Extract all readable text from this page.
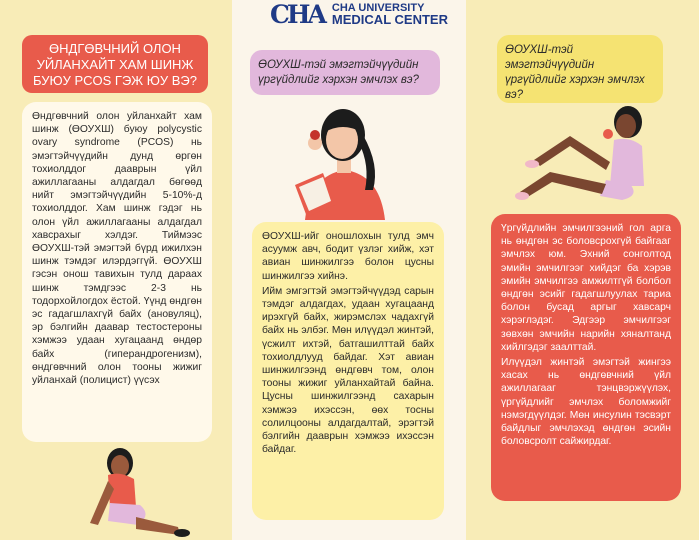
CHA CHA UNIVERSITY
MEDICAL CENTER
ӨНДГӨВЧНИЙ ОЛОН УЙЛАНХАЙТ ХАМ ШИНЖ БУЮУ PCOS ГЭЖ ЮУ ВЭ?

Өндгөвчний олон уйланхайт хам шинж (ӨОУХШ) буюу polycystic ovary syndrome (PCOS) нь эмэгтэйчүүдийн дунд өргөн тохиолддог дааврын үйл ажиллагааны алдагдал бөгөөд нийт эмэгтэйчүүдийн 5-10%-д тохиолддог. Хам шинж гэдэг нь олон үйл ажиллагааны алдагдал хавсрахыг хэлдэг. Тиймээс ӨОУХШ-тэй эмэгтэй бүрд ижилхэн шинж тэмдэг илэрдэггүй. ӨОУХШ гэсэн онош тавихын тулд дараах шинж тэмдгээс 2-3 нь тодорхойлогдох ёстой. Үүнд өндгөн эс гадагшлахгүй байх (ановуляц), эр бэлгийн даавар тестостероны хэмжээ удаан хугацаанд өндөр байх (гиперандрогенизм), өндгөвчний олон тооны жижиг уйланхай (полицист) үүсэх

ӨОУХШ-тэй эмэгтэйчүүдийн үргүйдлийг хэрхэн эмчлэх вэ?

ӨОУХШ-ийг оношлохын тулд эмч асуумж авч, бодит үзлэг хийж, хэт авиан шинжилгээ болон цусны шинжилгээ хийнэ.

Ийм эмгэгтэй эмэгтэйчүүдэд сарын тэмдэг алдагдах, удаан хугацаанд ирэхгүй байх, жирэмслэх чадахгүй байх нь элбэг. Мөн илүүдэл жинтэй, үсжилт ихтэй, батгашилттай байх тохиолдлууд байдаг. Хэт авиан шинжилгээнд өндгөвч том, олон тооны жижиг уйланхайтай байна. Цусны шинжилгээнд сахарын хэмжээ ихэссэн, өөх тосны солилцооны алдагдалтай, эрэгтэй бэлгийн дааврын хэмжээ ихэссэн байдаг.

ӨОУХШ-тэй эмэгтэйчүүдийн үргүйдлийг хэрхэн эмчлэх вэ?

Үргүйдлийн эмчилгээний гол арга нь өндгөн эс боловсрохгүй байгааг эмчлэх юм. Эхний сонголтод эмийн эмчилгээг хийдэг ба хэрэв эмийн эмчилгээ амжилтгүй болбол өндгөн эсийг гадагшлуулах тариа болон бусад аргыг хавсарч хэрэглэдэг. Эдгээр эмчилгээг зөвхөн эмчийн нарийн хяналтанд хийлгэдэг заалттай.

Илүүдэл жинтэй эмэгтэй жингээ хасах нь өндгөвчний үйл ажиллагааг тэнцвэржүүлэх, үргүйдлийг эмчлэх боломжийг нэмэгдүүлдэг. Мөн инсулин тэсвэрт байдлыг эмчлэхэд өндгөн эсийн боловсролт сайжирдаг.
